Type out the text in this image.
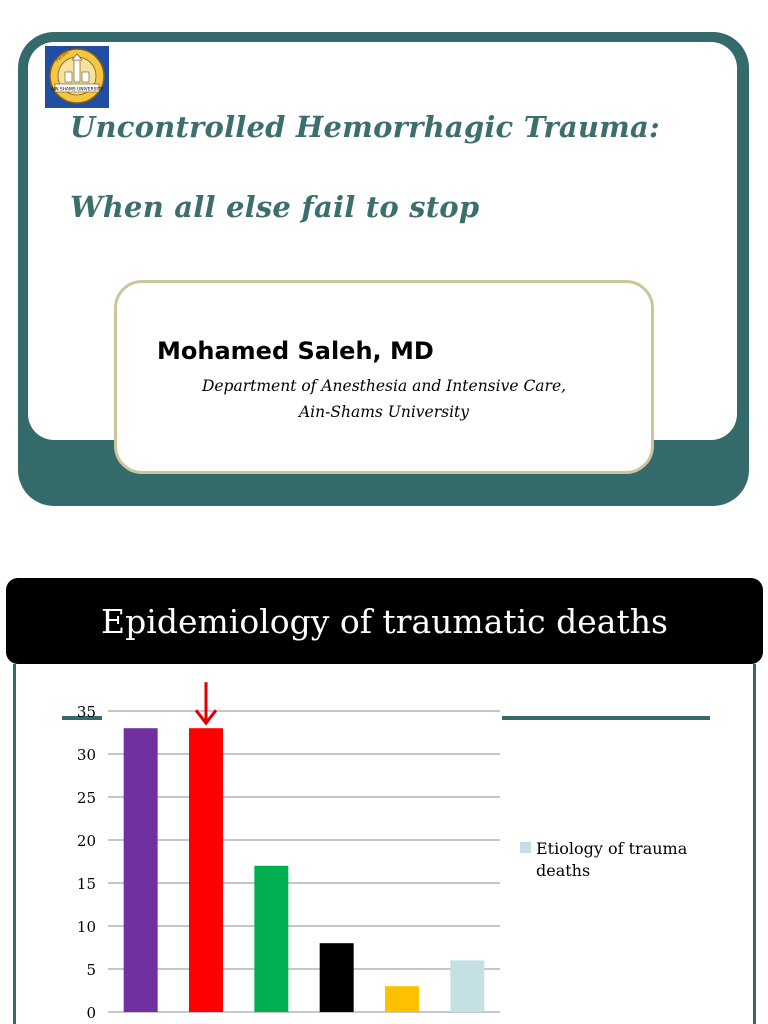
AIN SHAMS UNIVERSITY
Uncontrolled Hemorrhagic Trauma:
When all else fail to stop
Mohamed Saleh, MD
Department of Anesthesia and Intensive Care,
Ain-Shams University
Epidemiology of traumatic deaths
0
5
10
15
20
25
30
35
Etiology of trauma deaths
